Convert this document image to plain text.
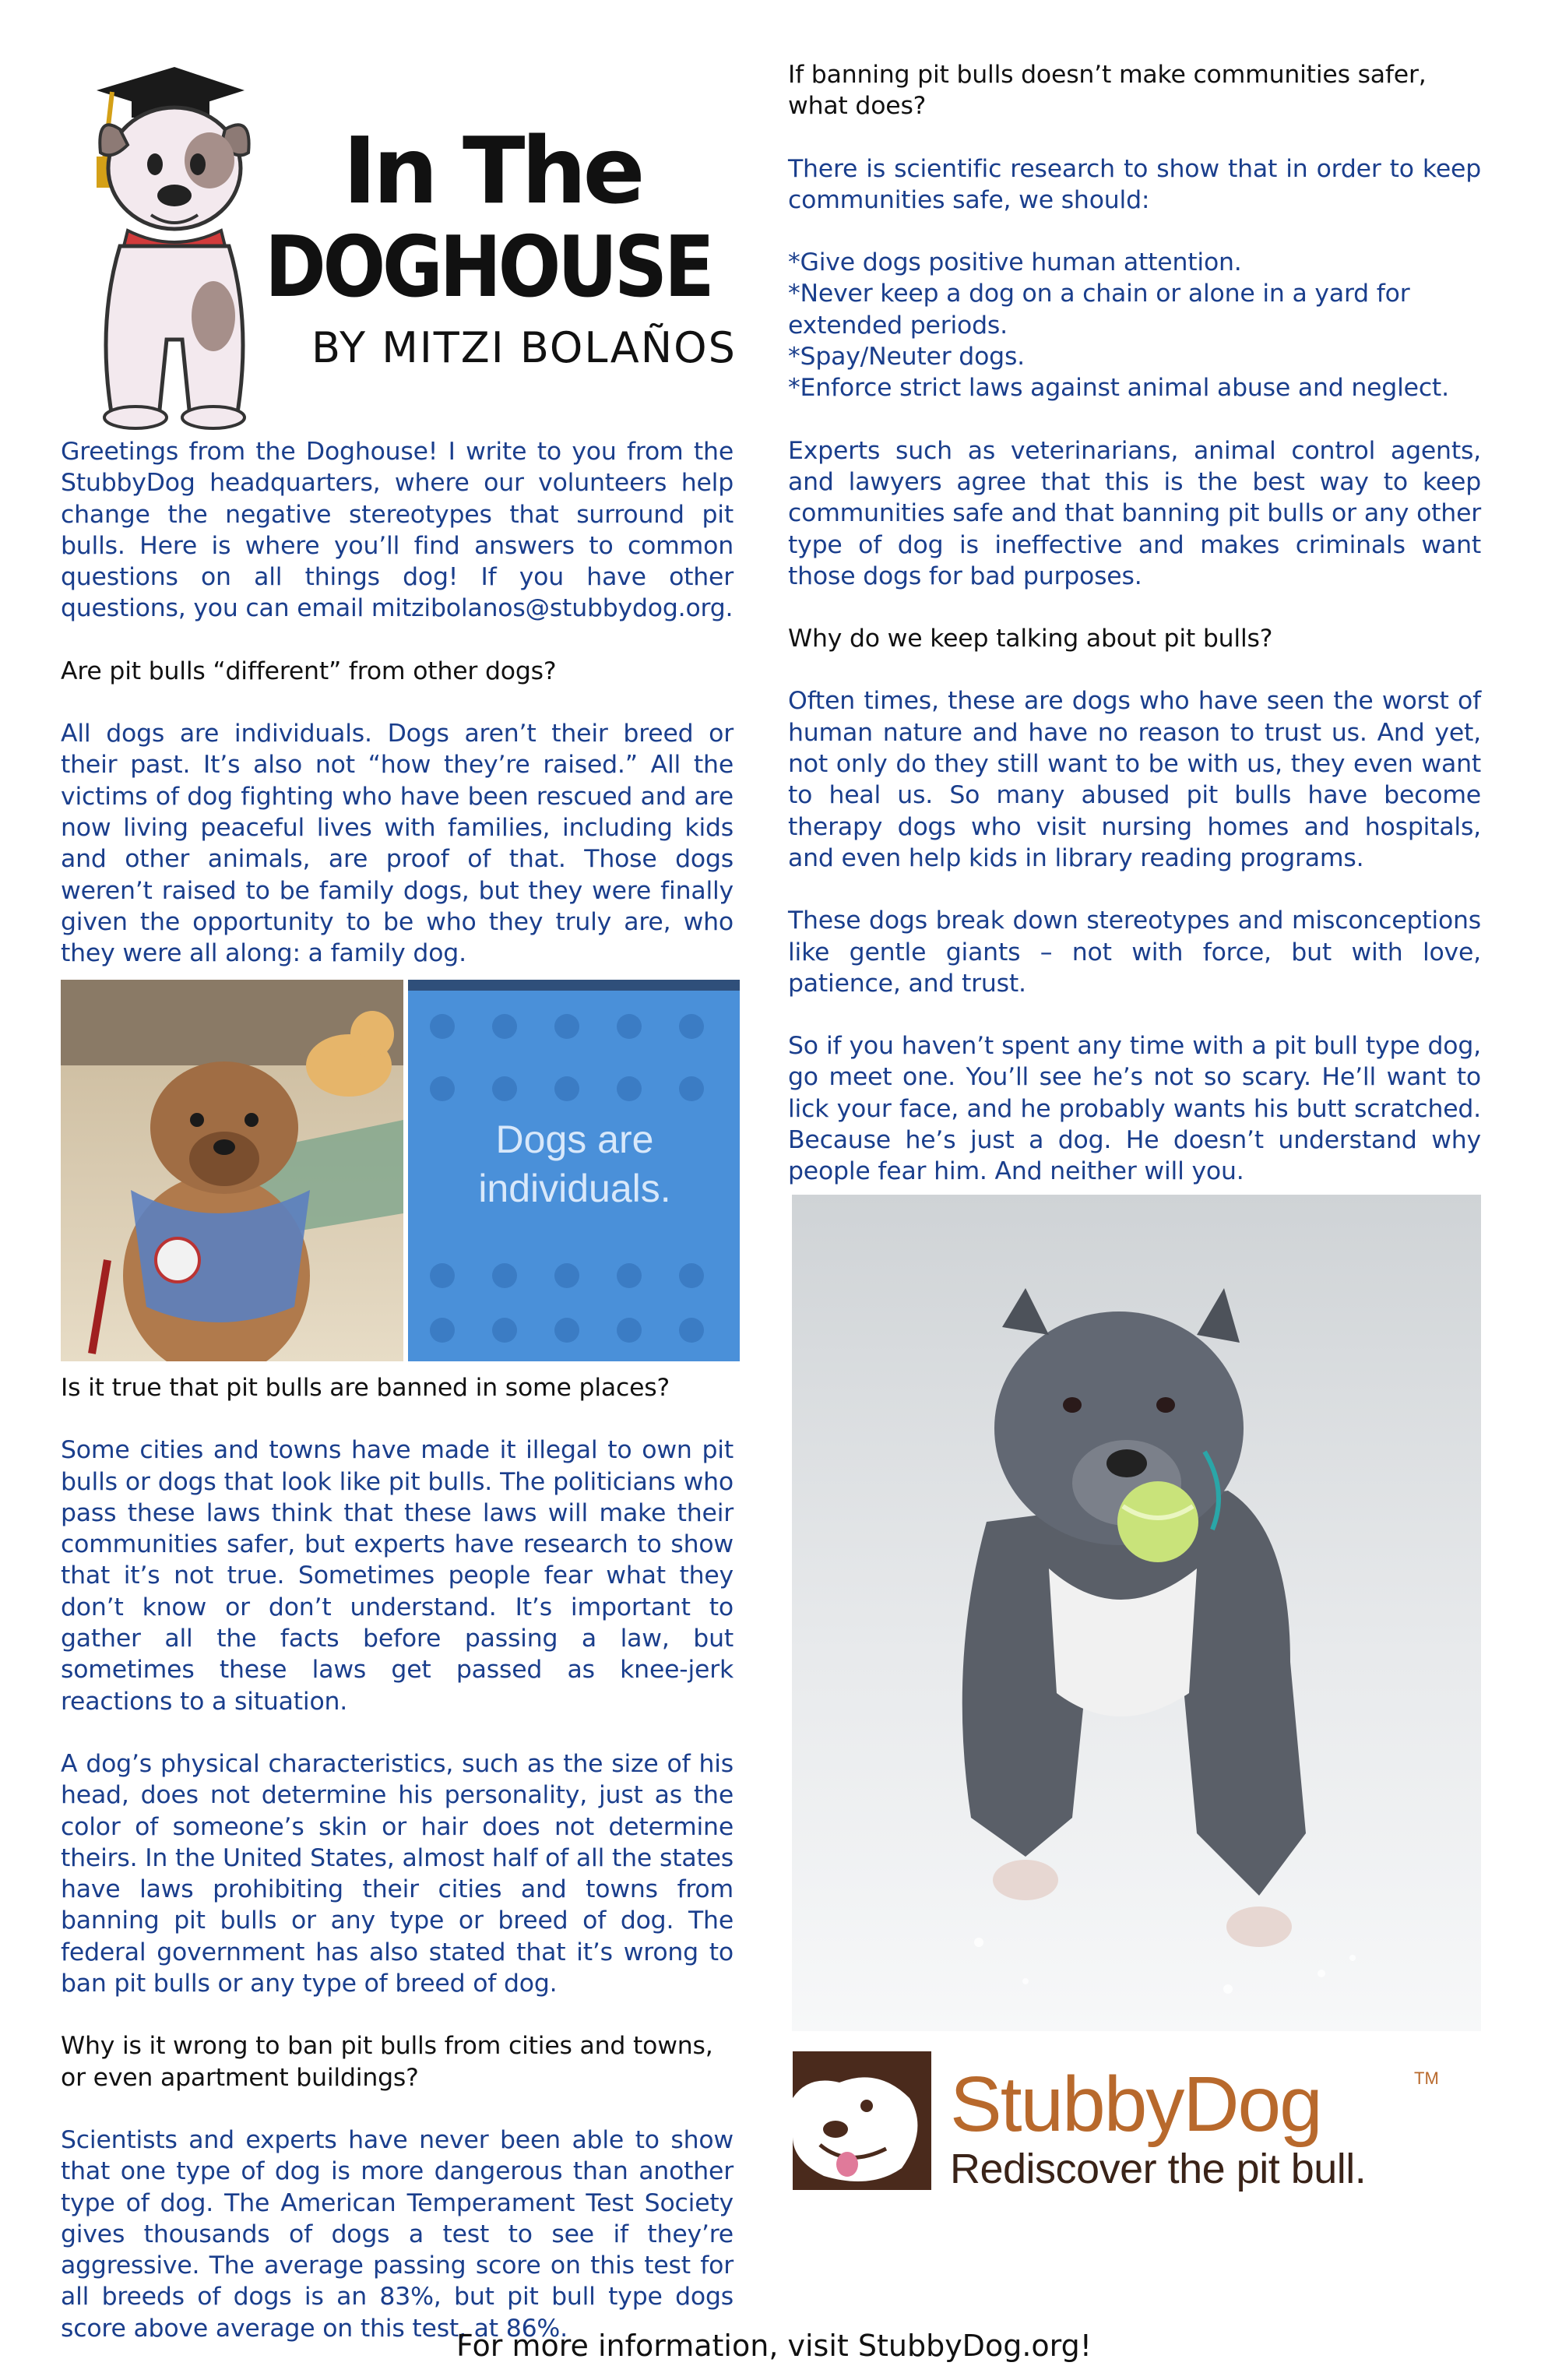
In The
DOGHOUSE
BY MITZI BOLAÑOS

Greetings from the Doghouse! I write to you from the StubbyDog headquarters, where our volunteers help change the negative stereotypes that surround pit bulls. Here is where you’ll find answers to common questions on all things dog! If you have other questions, you can email mitzibolanos@stubbydog.org.

Are pit bulls “different” from other dogs?

All dogs are individuals. Dogs aren’t their breed or their past. It’s also not “how they’re raised.” All the victims of dog fighting who have been rescued and are now living peaceful lives with families, including kids and other animals, are proof of that. Those dogs weren’t raised to be family dogs, but they were finally given the opportunity to be who they truly are, who they were all along: a family dog.

Dogs are
individuals.

Is it true that pit bulls are banned in some places?

Some cities and towns have made it illegal to own pit bulls or dogs that look like pit bulls. The politicians who pass these laws think that these laws will make their communities safer, but experts have research to show that it’s not true. Sometimes people fear what they don’t know or don’t understand. It’s important to gather all the facts before passing a law, but sometimes these laws get passed as knee-jerk reactions to a situation.

A dog’s physical characteristics, such as the size of his head, does not determine his personality, just as the color of someone’s skin or hair does not determine theirs. In the United States, almost half of all the states have laws prohibiting their cities and towns from banning pit bulls or any type or breed of dog. The federal government has also stated that it’s wrong to ban pit bulls or any type of breed of dog.

Why is it wrong to ban pit bulls from cities and towns, or even apartment buildings?

Scientists and experts have never been able to show that one type of dog is more dangerous than another type of dog. The American Temperament Test Society gives thousands of dogs a test to see if they’re aggressive. The average passing score on this test for all breeds of dogs is an 83%, but pit bull type dogs score above average on this test, at 86%.

If banning pit bulls doesn’t make communities safer, what does?

There is scientific research to show that in order to keep communities safe, we should:

*Give dogs positive human attention.
*Never keep a dog on a chain or alone in a yard for extended periods.
*Spay/Neuter dogs.
*Enforce strict laws against animal abuse and neglect.

Experts such as veterinarians, animal control agents, and lawyers agree that this is the best way to keep communities safe and that banning pit bulls or any other type of dog is ineffective and makes criminals want those dogs for bad purposes.

Why do we keep talking about pit bulls?

Often times, these are dogs who have seen the worst of human nature and have no reason to trust us. And yet, not only do they still want to be with us, they even want to heal us. So many abused pit bulls have become therapy dogs who visit nursing homes and hospitals, and even help kids in library reading programs.

These dogs break down stereotypes and misconceptions like gentle giants – not with force, but with love, patience, and trust.

So if you haven’t spent any time with a pit bull type dog, go meet one. You’ll see he’s not so scary. He’ll want to lick your face, and he probably wants his butt scratched. Because he’s just a dog. He doesn’t understand why people fear him. And neither will you.

StubbyDog	TM
Rediscover the pit bull.
For more information, visit StubbyDog.org!
